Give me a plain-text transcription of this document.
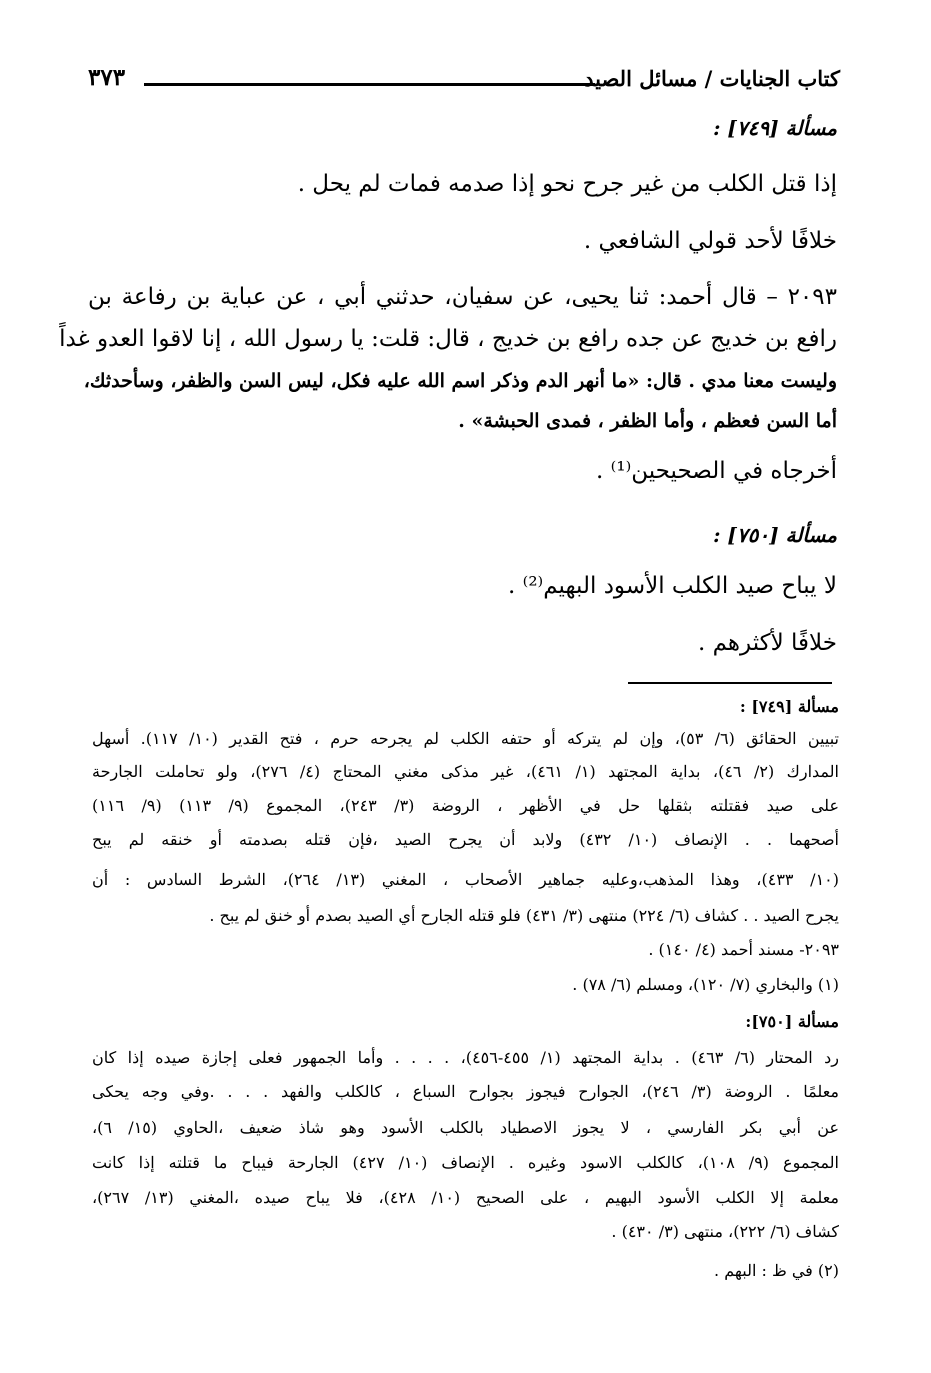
كتاب الجنايات / مسائل الصيد
٣٧٣
مسألة [٧٤٩] :
إذا قتل الكلب من غير جرح نحو إذا صدمه فمات لم يحل .
خلافًا لأحد قولي الشافعي .
٢٠٩٣ – قال أحمد: ثنا يحيى، عن سفيان، حدثني أبي ، عن عباية بن رفاعة بن
رافع بن خديج عن جده رافع بن خديج ، قال: قلت: يا رسول الله ، إنا لاقوا العدو غداً
وليست معنا مدي . قال: «ما أنهر الدم وذكر اسم الله عليه فكل، ليس السن والظفر، وسأحدثك،
أما السن فعظم ، وأما الظفر ، فمدى الحبشة» .
أخرجاه في الصحيحين⁽¹⁾ .
مسألة [٧٥٠] :
لا يباح صيد الكلب الأسود البهيم⁽²⁾ .
خلافًا لأكثرهم .
مسألة [٧٤٩] :
تبيين الحقائق (٦/ ٥٣)، وإن لم يتركه أو حتفه الكلب لم يجرحه حرم ، فتح القدير (١٠/ ١١٧). أسهل
المدارك (٢/ ٤٦)، بداية المجتهد (١/ ٤٦١)، غير مذكى مغني المحتاج (٤/ ٢٧٦)، ولو تحاملت الجارحة
على صيد فقتلته بثقلها حل في الأظهر ، الروضة (٣/ ٢٤٣)، المجموع (٩/ ١١٣) (٩/ ١١٦)
أصحهما . . الإنصاف (١٠/ ٤٣٢) ولابد أن يجرح الصيد ،فإن قتله بصدمته أو خنقه لم يبح
(١٠/ ٤٣٣)، وهذا المذهب،وعليه جماهير الأصحاب ، المغني (١٣/ ٢٦٤)، الشرط السادس : أن
يجرح الصيد . . كشاف (٦/ ٢٢٤) منتهى (٣/ ٤٣١) فلو قتله الجارح أي الصيد بصدم أو خنق لم يبح .
٢٠٩٣- مسند أحمد (٤/ ١٤٠) .
(١) والبخاري (٧/ ١٢٠)، ومسلم (٦/ ٧٨) .
مسألة [٧٥٠]:
رد المحتار (٦/ ٤٦٣) . بداية المجتهد (١/ ٤٥٥-٤٥٦)، . . . . وأما الجمهور فعلى إجازة صيده إذا كان
معلمًا . الروضة (٣/ ٢٤٦)، الجوارح فيجوز بجوارح السباع ، كالكلب والفهد . . . .وفي وجه يحكى
عن أبي بكر الفارسي ، لا يجوز الاصطياد بالكلب الأسود وهو شاذ ضعيف ،الحاوي (١٥/ ٦)،
المجموع (٩/ ١٠٨)، كالكلب الاسود وغيره . الإنصاف (١٠/ ٤٢٧) الجارحة فيباح ما قتلته إذا كانت
معلمة إلا الكلب الأسود البهيم ، على الصحيح (١٠/ ٤٢٨)، فلا يباح صيده ،المغني (١٣/ ٢٦٧)،
كشاف (٦/ ٢٢٢)، منتهى (٣/ ٤٣٠) .
(٢) في ظ : البهم .
